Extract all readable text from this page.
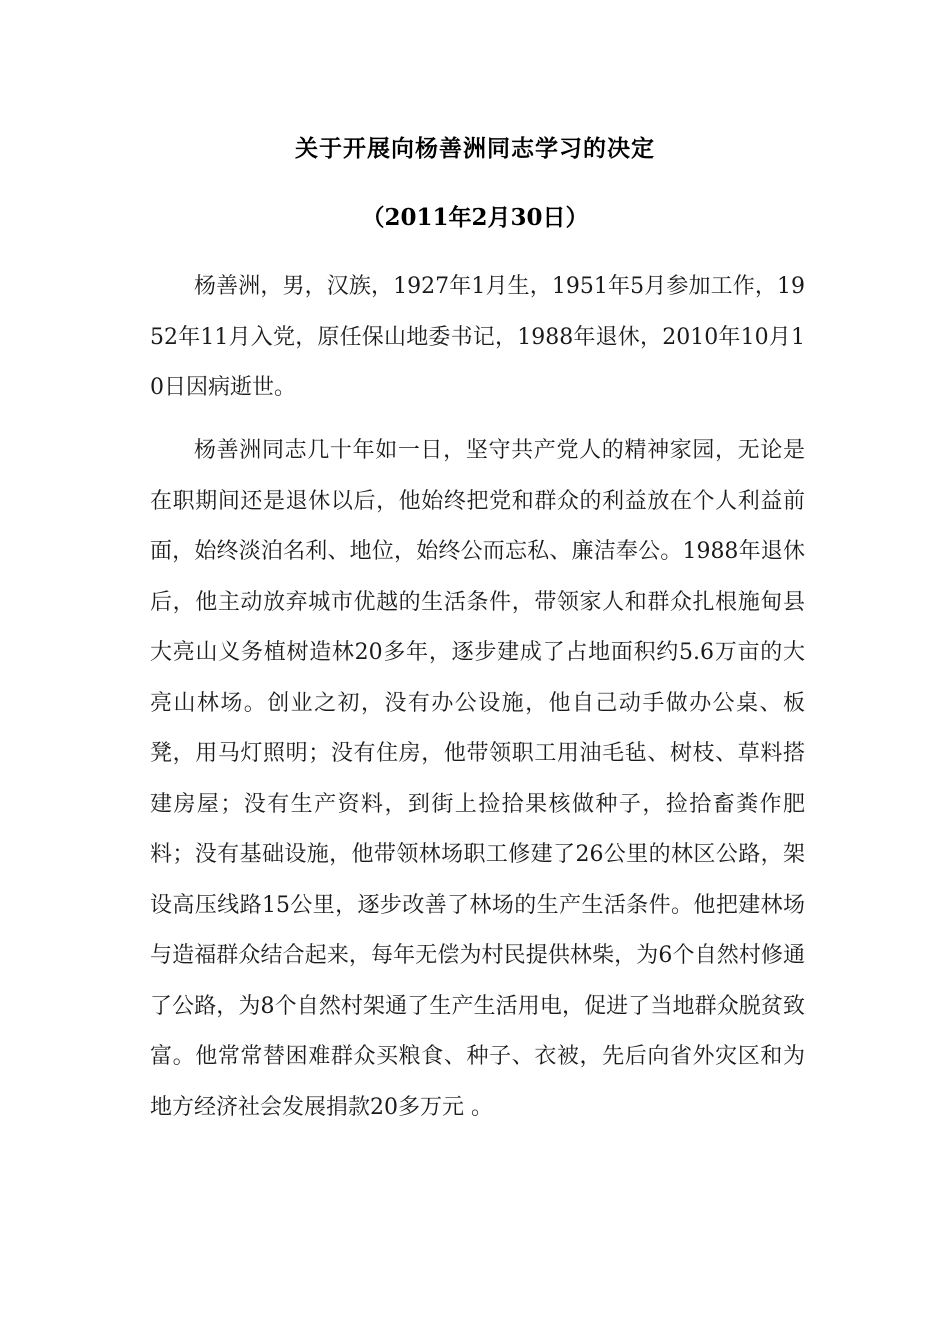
关于开展向杨善洲同志学习的决定
（2011年2月30日）

杨善洲，男，汉族，1927年1月生，1951年5月参加工作，1952年11月入党，原任保山地委书记，1988年退休，2010年10月10日因病逝世。

杨善洲同志几十年如一日，坚守共产党人的精神家园，无论是在职期间还是退休以后，他始终把党和群众的利益放在个人利益前面，始终淡泊名利、地位，始终公而忘私、廉洁奉公。1988年退休后，他主动放弃城市优越的生活条件，带领家人和群众扎根施甸县大亮山义务植树造林20多年，逐步建成了占地面积约5.6万亩的大亮山林场。创业之初，没有办公设施，他自己动手做办公桌、板凳，用马灯照明；没有住房，他带领职工用油毛毡、树枝、草料搭建房屋；没有生产资料，到街上捡拾果核做种子，捡拾畜粪作肥料；没有基础设施，他带领林场职工修建了26公里的林区公路，架设高压线路15公里，逐步改善了林场的生产生活条件。他把建林场与造福群众结合起来，每年无偿为村民提供林柴，为6个自然村修通了公路，为8个自然村架通了生产生活用电，促进了当地群众脱贫致富。他常常替困难群众买粮食、种子、衣被，先后向省外灾区和为地方经济社会发展捐款20多万元 。
